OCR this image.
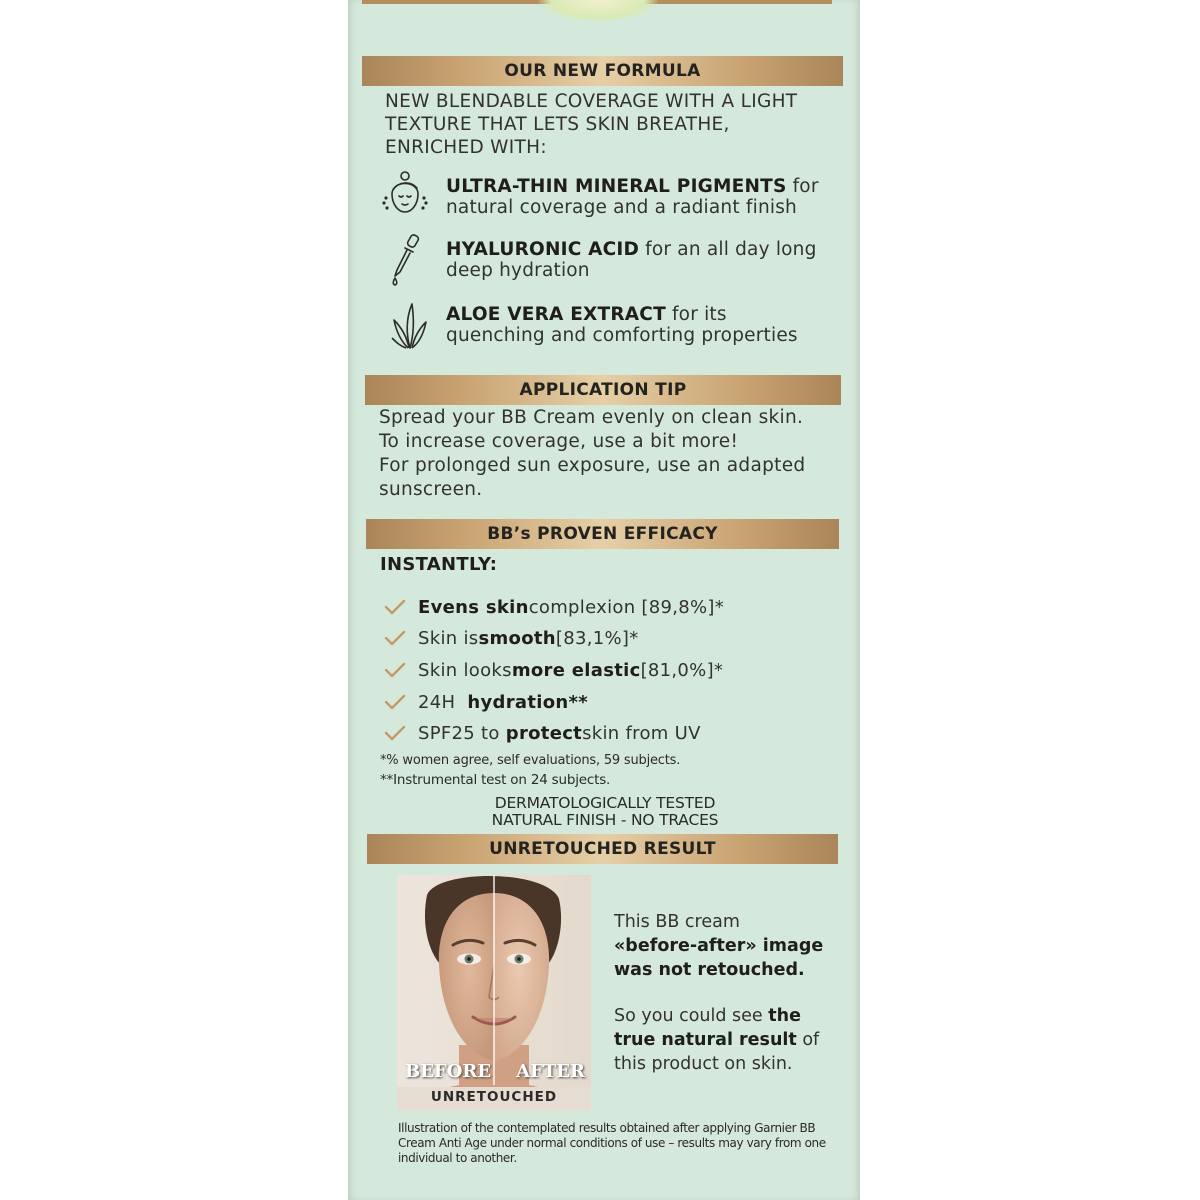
OUR NEW FORMULA
NEW BLENDABLE COVERAGE WITH A LIGHT
TEXTURE THAT LETS SKIN BREATHE,
ENRICHED WITH:
ULTRA-THIN MINERAL PIGMENTS for
natural coverage and a radiant finish
HYALURONIC ACID for an all day long
deep hydration
ALOE VERA EXTRACT for its
quenching and comforting properties
APPLICATION TIP
Spread your BB Cream evenly on clean skin.
To increase coverage, use a bit more!
For prolonged sun exposure, use an adapted
sunscreen.
BB’s PROVEN EFFICACY
INSTANTLY:
Evens skin complexion [89,8%]*
Skin is smooth [83,1%]*
Skin looks more elastic [81,0%]*
24H hydration**
SPF25 to protect skin from UV
*% women agree, self evaluations, 59 subjects.
**Instrumental test on 24 subjects.
DERMATOLOGICALLY TESTED
NATURAL FINISH - NO TRACES
UNRETOUCHED RESULT
BEFORE AFTER
UNRETOUCHED
This BB cream
«before-after» image
was not retouched.
So you could see the
true natural result of
this product on skin.
Illustration of the contemplated results obtained after applying Garnier BB
Cream Anti Age under normal conditions of use – results may vary from one
individual to another.
